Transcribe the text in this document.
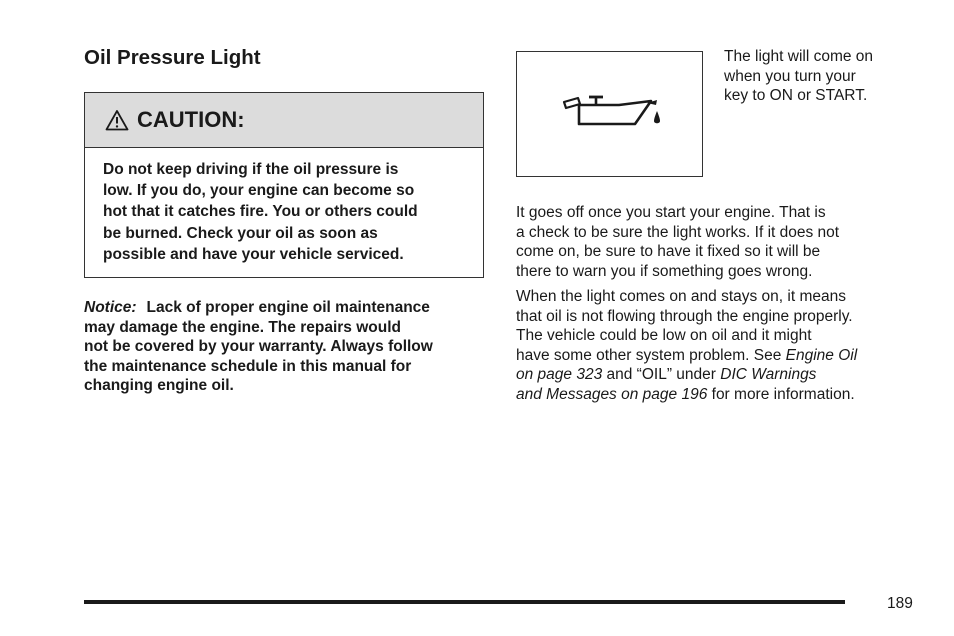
Oil Pressure Light
CAUTION:
Do not keep driving if the oil pressure is
low. If you do, your engine can become so
hot that it catches fire. You or others could
be burned. Check your oil as soon as
possible and have your vehicle serviced.
Notice: Lack of proper engine oil maintenance
may damage the engine. The repairs would
not be covered by your warranty. Always follow
the maintenance schedule in this manual for
changing engine oil.
The light will come on
when you turn your
key to ON or START.
It goes off once you start your engine. That is
a check to be sure the light works. If it does not
come on, be sure to have it fixed so it will be
there to warn you if something goes wrong.
When the light comes on and stays on, it means
that oil is not flowing through the engine properly.
The vehicle could be low on oil and it might
have some other system problem. See Engine Oil
on page 323 and “OIL” under DIC Warnings
and Messages on page 196 for more information.
189
